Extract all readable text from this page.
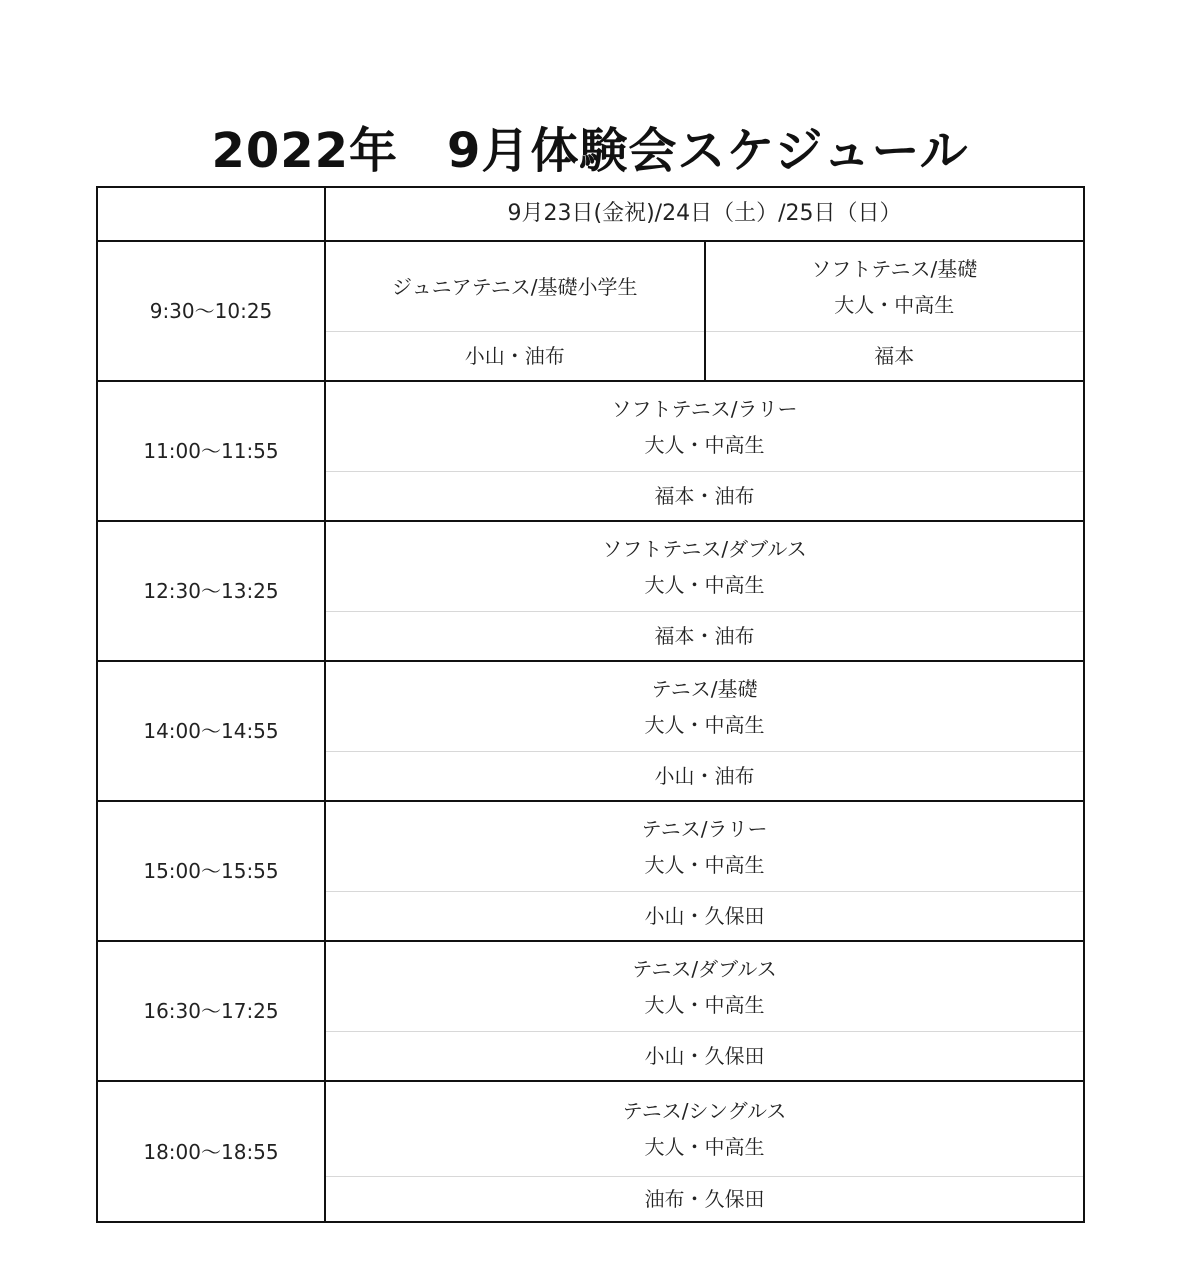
2022年　9月体験会スケジュール
	9月23日(金祝)/24日（土）/25日（日）	
9:30〜10:25	ジュニアテニス/基礎小学生	ソフトテニス/基礎
大人・中高生

	小山・油布	福本
11:00〜11:55	ソフトテニス/ラリー
大人・中高生	

	福本・油布	
12:30〜13:25	ソフトテニス/ダブルス
大人・中高生	

	福本・油布	
14:00〜14:55	テニス/基礎
大人・中高生	

	小山・油布	
15:00〜15:55	テニス/ラリー
大人・中高生	

	小山・久保田	
16:30〜17:25	テニス/ダブルス
大人・中高生	

	小山・久保田	
18:00〜18:55	テニス/シングルス
大人・中高生	

	油布・久保田	
